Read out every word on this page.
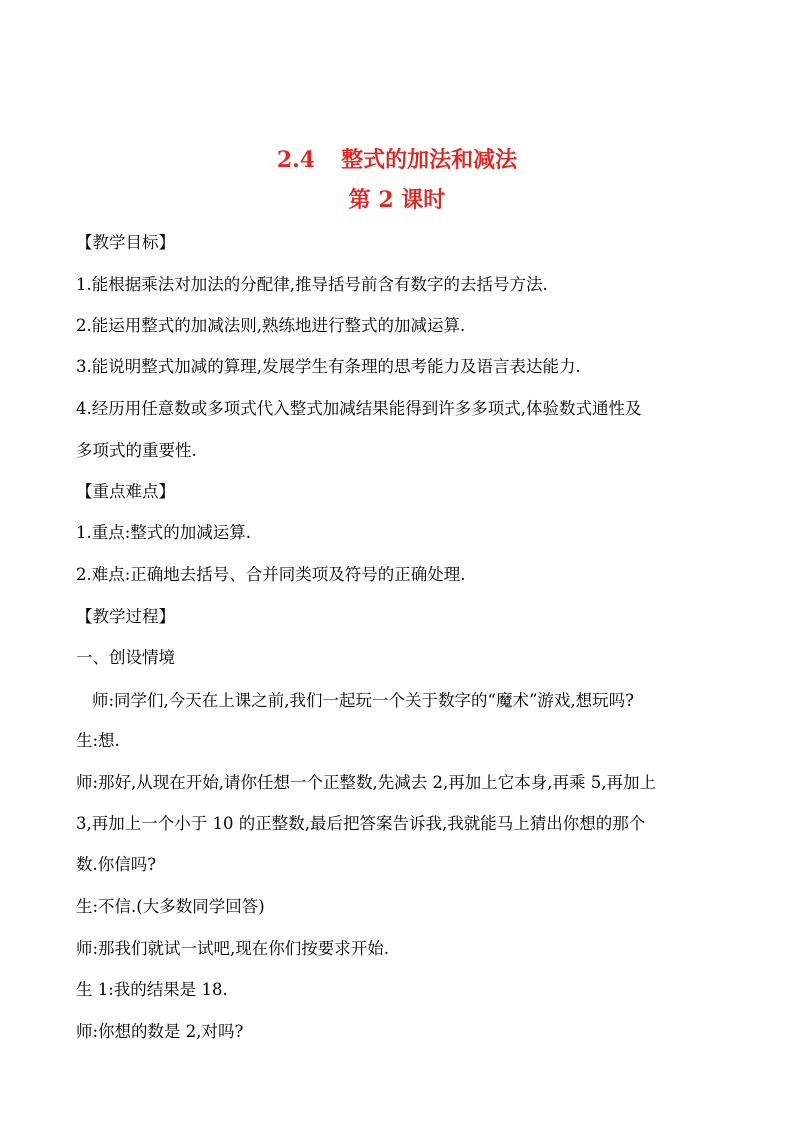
2.4 整式的加法和减法
第 2 课时
【教学目标】
1.能根据乘法对加法的分配律,推导括号前含有数字的去括号方法.
2.能运用整式的加减法则,熟练地进行整式的加减运算.
3.能说明整式加减的算理,发展学生有条理的思考能力及语言表达能力.
4.经历用任意数或多项式代入整式加减结果能得到许多多项式,体验数式通性及
多项式的重要性.
【重点难点】
1.重点:整式的加减运算.
2.难点:正确地去括号、合并同类项及符号的正确处理.
【教学过程】
一、创设情境
师:同学们,今天在上课之前,我们一起玩一个关于数字的“魔术”游戏,想玩吗?
生:想.
师:那好,从现在开始,请你任想一个正整数,先减去 2,再加上它本身,再乘 5,再加上
3,再加上一个小于 10 的正整数,最后把答案告诉我,我就能马上猜出你想的那个
数.你信吗?
生:不信.(大多数同学回答)
师:那我们就试一试吧,现在你们按要求开始.
生 1:我的结果是 18.
师:你想的数是 2,对吗?
